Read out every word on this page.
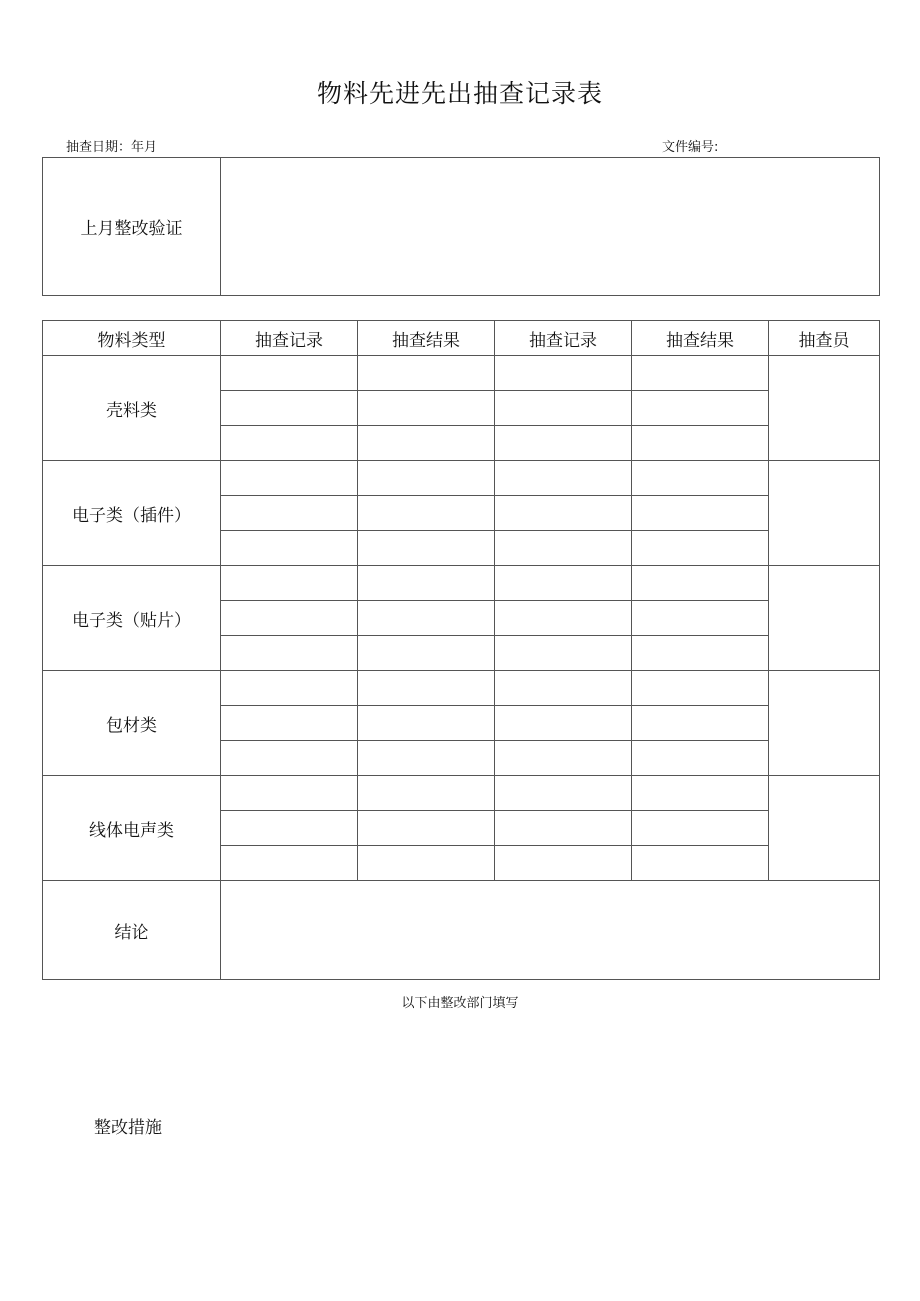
物料先进先出抽查记录表
抽查日期：年月	文件编号:
上月整改验证	
物料类型	抽查记录	抽查结果	抽查记录	抽查结果	抽查员
壳料类					

电子类（插件）					

电子类（贴片）					

包材类					

线体电声类					

结论					
以下由整改部门填写
整改措施
